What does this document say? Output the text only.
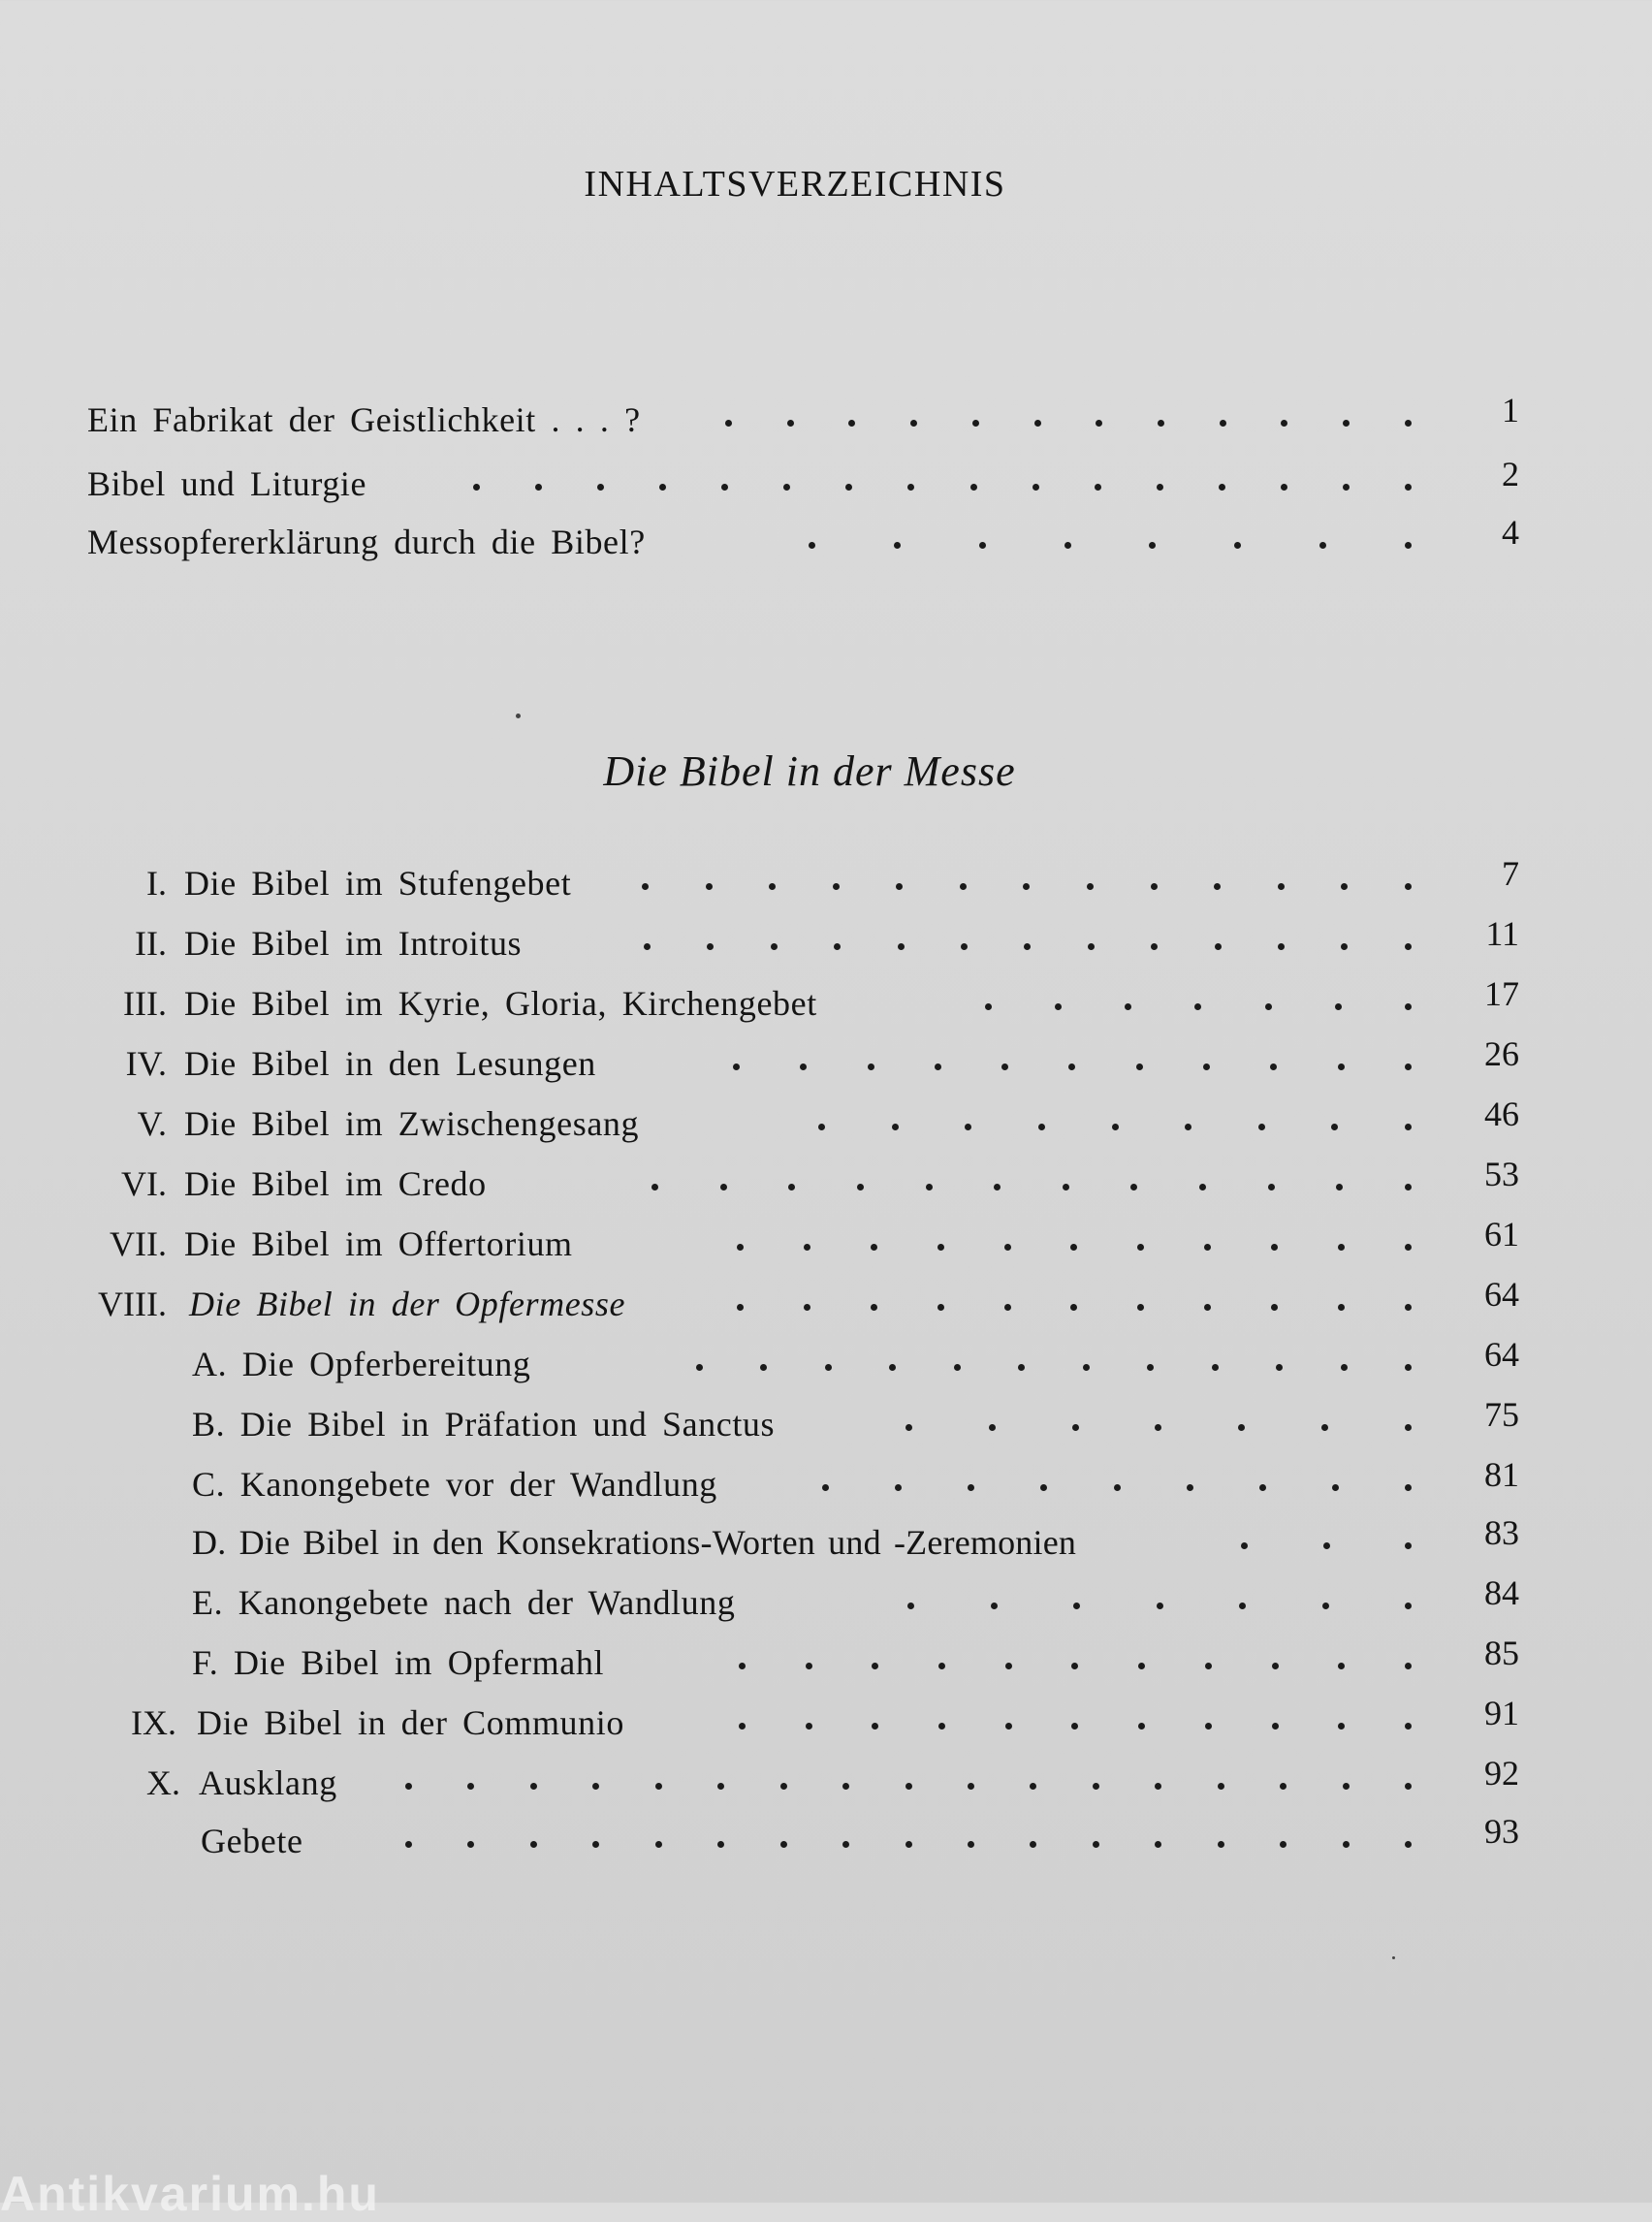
INHALTSVERZEICHNIS
Ein Fabrikat der Geistlichkeit . . . ?	1
Bibel und Liturgie	2
Messopfererklärung durch die Bibel?	4
Die Bibel in der Messe
I. Die Bibel im Stufengebet	7
II. Die Bibel im Introitus	11
III. Die Bibel im Kyrie, Gloria, Kirchengebet	17
IV. Die Bibel in den Lesungen	26
V. Die Bibel im Zwischengesang	46
VI. Die Bibel im Credo	53
VII. Die Bibel im Offertorium	61
VIII. Die Bibel in der Opfermesse	64
A. Die Opferbereitung	64
B. Die Bibel in Präfation und Sanctus	75
C. Kanongebete vor der Wandlung	81
D. Die Bibel in den Konsekrations-Worten und -Zeremonien	83
E. Kanongebete nach der Wandlung	84
F. Die Bibel im Opfermahl	85
IX. Die Bibel in der Communio	91
X. Ausklang	92
Gebete	93
Antikvarium.hu
